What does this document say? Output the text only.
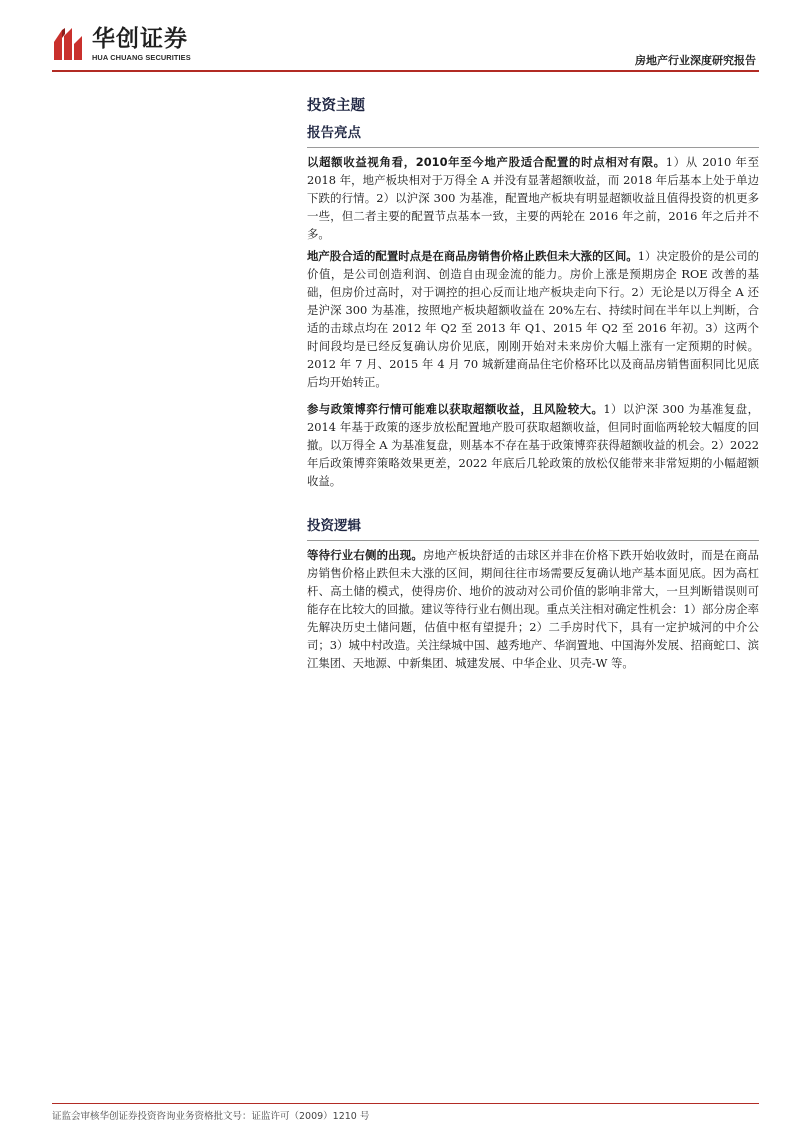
华创证券
HUA CHUANG SECURITIES	房地产行业深度研究报告
投资主题
报告亮点

以超额收益视角看，2010年至今地产股适合配置的时点相对有限。1）从 2010 年至 2018 年，地产板块相对于万得全 A 并没有显著超额收益，而 2018 年后基本上处于单边下跌的行情。2）以沪深 300 为基准，配置地产板块有明显超额收益且值得投资的机更多一些，但二者主要的配置节点基本一致，主要的两轮在 2016 年之前，2016 年之后并不多。

地产股合适的配置时点是在商品房销售价格止跌但未大涨的区间。1）决定股价的是公司的价值，是公司创造利润、创造自由现金流的能力。房价上涨是预期房企 ROE 改善的基础，但房价过高时，对于调控的担心反而让地产板块走向下行。2）无论是以万得全 A 还是沪深 300 为基准，按照地产板块超额收益在 20%左右、持续时间在半年以上判断，合适的击球点均在 2012 年 Q2 至 2013 年 Q1、2015 年 Q2 至 2016 年初。3）这两个时间段均是已经反复确认房价见底，刚刚开始对未来房价大幅上涨有一定预期的时候。2012 年 7 月、2015 年 4 月 70 城新建商品住宅价格环比以及商品房销售面积同比见底后均开始转正。

参与政策博弈行情可能难以获取超额收益，且风险较大。1）以沪深 300 为基准复盘，2014 年基于政策的逐步放松配置地产股可获取超额收益，但同时面临两轮较大幅度的回撤。以万得全 A 为基准复盘，则基本不存在基于政策博弈获得超额收益的机会。2）2022 年后政策博弈策略效果更差，2022 年底后几轮政策的放松仅能带来非常短期的小幅超额收益。

投资逻辑

等待行业右侧的出现。房地产板块舒适的击球区并非在价格下跌开始收敛时，而是在商品房销售价格止跌但未大涨的区间，期间往往市场需要反复确认地产基本面见底。因为高杠杆、高土储的模式，使得房价、地价的波动对公司价值的影响非常大，一旦判断错误则可能存在比较大的回撤。建议等待行业右侧出现。重点关注相对确定性机会：1）部分房企率先解决历史土储问题，估值中枢有望提升；2）二手房时代下，具有一定护城河的中介公司；3）城中村改造。关注绿城中国、越秀地产、华润置地、中国海外发展、招商蛇口、滨江集团、天地源、中新集团、城建发展、中华企业、贝壳-W 等。

证监会审核华创证券投资咨询业务资格批文号：证监许可（2009）1210 号
